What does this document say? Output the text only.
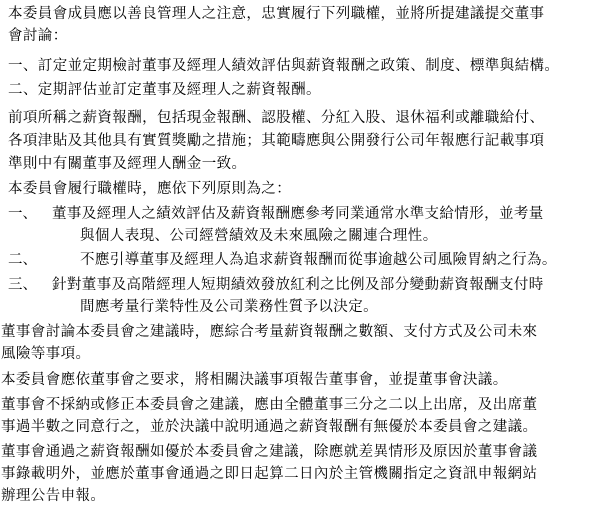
本委員會成員應以善良管理人之注意，忠實履行下列職權，並將所提建議提交董事
會討論：
一、訂定並定期檢討董事及經理人績效評估與薪資報酬之政策、制度、標準與結構。
二、定期評估並訂定董事及經理人之薪資報酬。
前項所稱之薪資報酬，包括現金報酬、認股權、分紅入股、退休福利或離職給付、
各項津貼及其他具有實質獎勵之措施；其範疇應與公開發行公司年報應行記載事項
準則中有關董事及經理人酬金一致。
本委員會履行職權時，應依下列原則為之：
一、 董事及經理人之績效評估及薪資報酬應參考同業通常水準支給情形，並考量
與個人表現、公司經營績效及未來風險之關連合理性。
二、	不應引導董事及經理人為追求薪資報酬而從事逾越公司風險胃納之行為。
三、 針對董事及高階經理人短期績效發放紅利之比例及部分變動薪資報酬支付時
間應考量行業特性及公司業務性質予以決定。
董事會討論本委員會之建議時，應綜合考量薪資報酬之數額、支付方式及公司未來
風險等事項。
本委員會應依董事會之要求，將相關決議事項報告董事會，並提董事會決議。
董事會不採納或修正本委員會之建議，應由全體董事三分之二以上出席，及出席董
事過半數之同意行之，並於決議中說明通過之薪資報酬有無優於本委員會之建議。
董事會通過之薪資報酬如優於本委員會之建議，除應就差異情形及原因於董事會議
事錄載明外，並應於董事會通過之即日起算二日內於主管機關指定之資訊申報網站
辦理公告申報。
